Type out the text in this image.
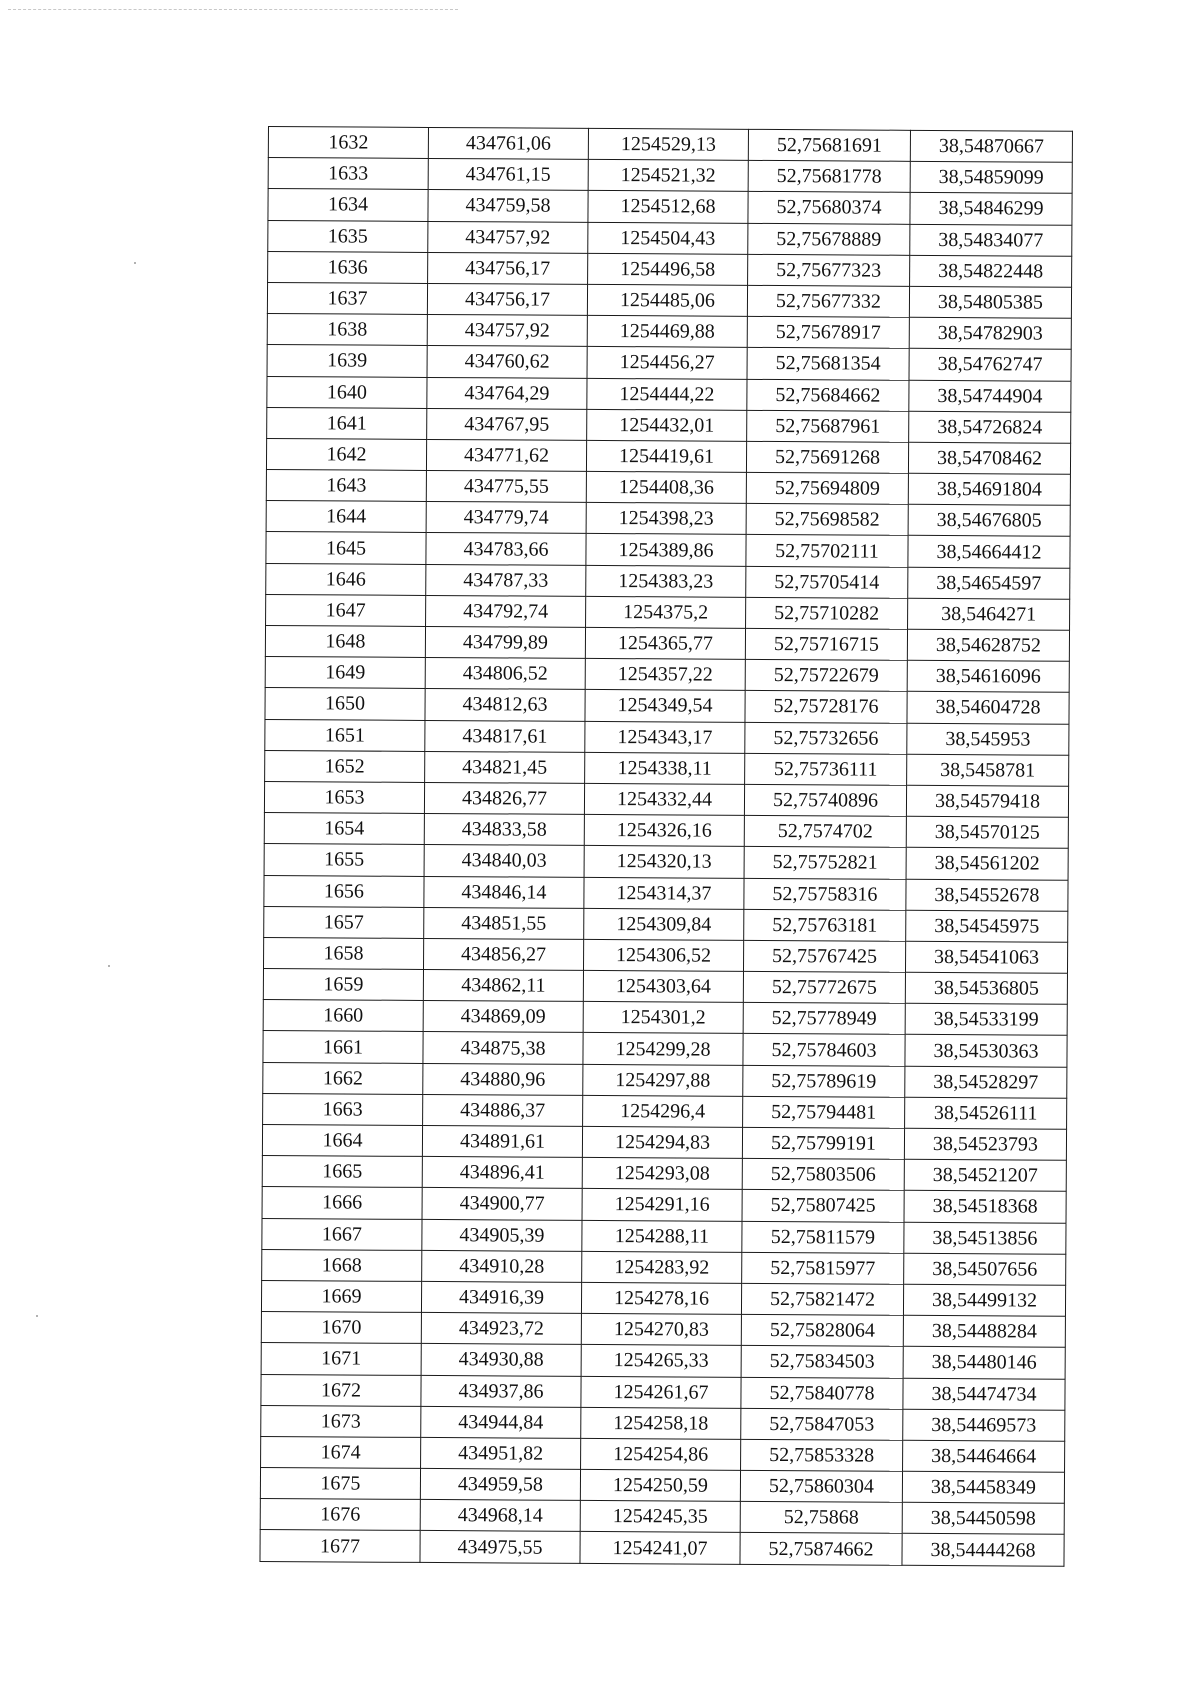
1632	434761,06	1254529,13	52,75681691	38,54870667
1633	434761,15	1254521,32	52,75681778	38,54859099
1634	434759,58	1254512,68	52,75680374	38,54846299
1635	434757,92	1254504,43	52,75678889	38,54834077
1636	434756,17	1254496,58	52,75677323	38,54822448
1637	434756,17	1254485,06	52,75677332	38,54805385
1638	434757,92	1254469,88	52,75678917	38,54782903
1639	434760,62	1254456,27	52,75681354	38,54762747
1640	434764,29	1254444,22	52,75684662	38,54744904
1641	434767,95	1254432,01	52,75687961	38,54726824
1642	434771,62	1254419,61	52,75691268	38,54708462
1643	434775,55	1254408,36	52,75694809	38,54691804
1644	434779,74	1254398,23	52,75698582	38,54676805
1645	434783,66	1254389,86	52,75702111	38,54664412
1646	434787,33	1254383,23	52,75705414	38,54654597
1647	434792,74	1254375,2	52,75710282	38,5464271
1648	434799,89	1254365,77	52,75716715	38,54628752
1649	434806,52	1254357,22	52,75722679	38,54616096
1650	434812,63	1254349,54	52,75728176	38,54604728
1651	434817,61	1254343,17	52,75732656	38,545953
1652	434821,45	1254338,11	52,75736111	38,5458781
1653	434826,77	1254332,44	52,75740896	38,54579418
1654	434833,58	1254326,16	52,7574702	38,54570125
1655	434840,03	1254320,13	52,75752821	38,54561202
1656	434846,14	1254314,37	52,75758316	38,54552678
1657	434851,55	1254309,84	52,75763181	38,54545975
1658	434856,27	1254306,52	52,75767425	38,54541063
1659	434862,11	1254303,64	52,75772675	38,54536805
1660	434869,09	1254301,2	52,75778949	38,54533199
1661	434875,38	1254299,28	52,75784603	38,54530363
1662	434880,96	1254297,88	52,75789619	38,54528297
1663	434886,37	1254296,4	52,75794481	38,54526111
1664	434891,61	1254294,83	52,75799191	38,54523793
1665	434896,41	1254293,08	52,75803506	38,54521207
1666	434900,77	1254291,16	52,75807425	38,54518368
1667	434905,39	1254288,11	52,75811579	38,54513856
1668	434910,28	1254283,92	52,75815977	38,54507656
1669	434916,39	1254278,16	52,75821472	38,54499132
1670	434923,72	1254270,83	52,75828064	38,54488284
1671	434930,88	1254265,33	52,75834503	38,54480146
1672	434937,86	1254261,67	52,75840778	38,54474734
1673	434944,84	1254258,18	52,75847053	38,54469573
1674	434951,82	1254254,86	52,75853328	38,54464664
1675	434959,58	1254250,59	52,75860304	38,54458349
1676	434968,14	1254245,35	52,75868	38,54450598
1677	434975,55	1254241,07	52,75874662	38,54444268
